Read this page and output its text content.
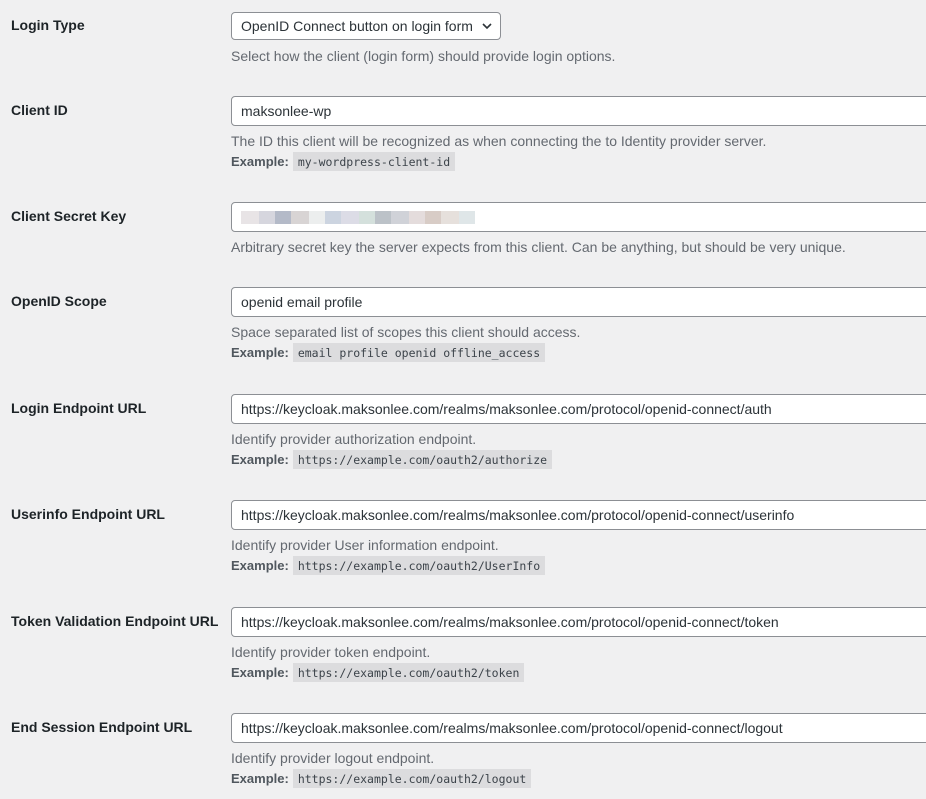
Login Type	OpenID Connect button on login form
Select how the client (login form) should provide login options.
Client ID	maksonlee-wp
The ID this client will be recognized as when connecting the to Identity provider server.
Example: my-wordpress-client-id
Client Secret Key
Arbitrary secret key the server expects from this client. Can be anything, but should be very unique.
OpenID Scope	openid email profile
Space separated list of scopes this client should access.
Example: email profile openid offline_access
Login Endpoint URL	https://keycloak.maksonlee.com/realms/maksonlee.com/protocol/openid-connect/auth
Identify provider authorization endpoint.
Example: https://example.com/oauth2/authorize
Userinfo Endpoint URL	https://keycloak.maksonlee.com/realms/maksonlee.com/protocol/openid-connect/userinfo
Identify provider User information endpoint.
Example: https://example.com/oauth2/UserInfo
Token Validation Endpoint URL	https://keycloak.maksonlee.com/realms/maksonlee.com/protocol/openid-connect/token
Identify provider token endpoint.
Example: https://example.com/oauth2/token
End Session Endpoint URL	https://keycloak.maksonlee.com/realms/maksonlee.com/protocol/openid-connect/logout
Identify provider logout endpoint.
Example: https://example.com/oauth2/logout
